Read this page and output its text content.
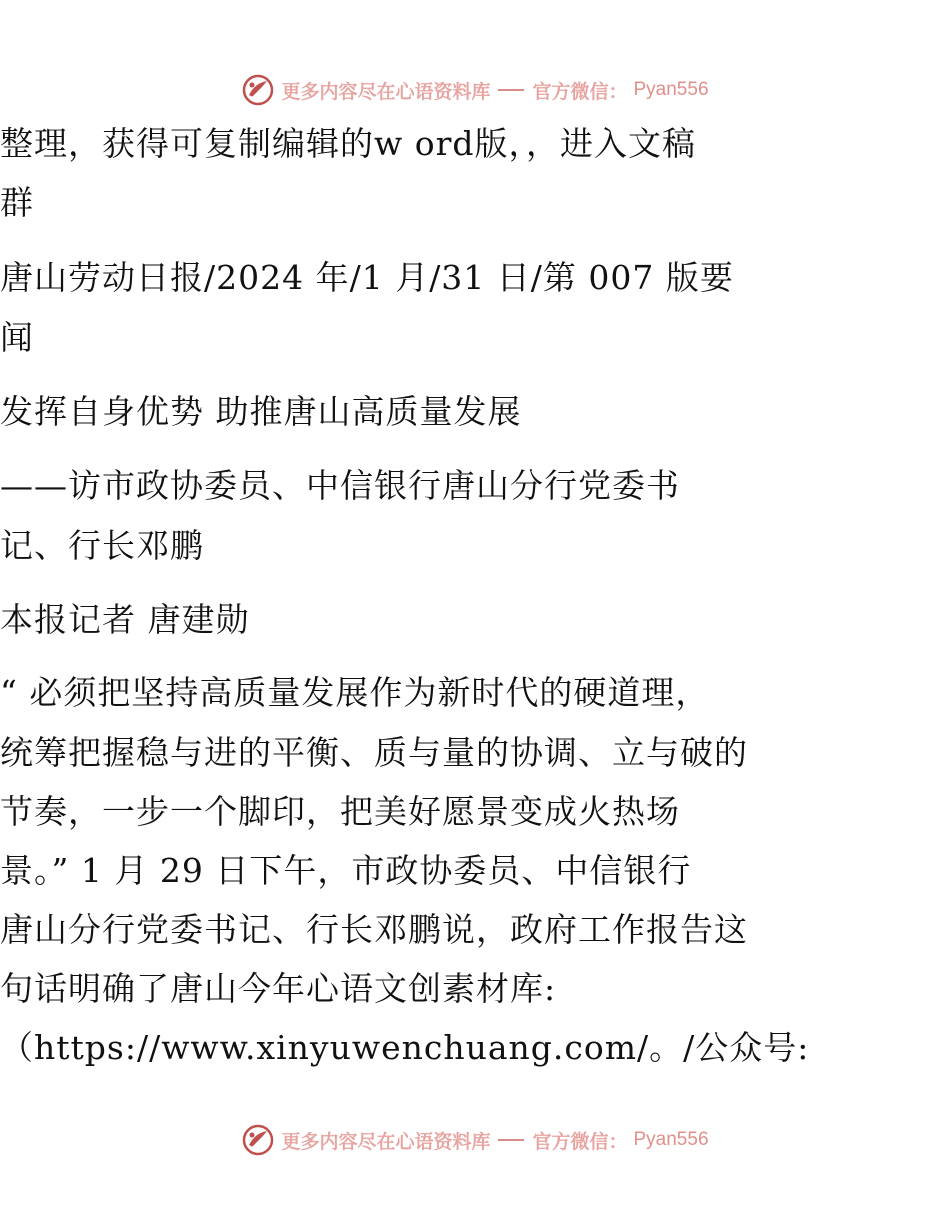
更多内容尽在心语资料库 官方微信： Pyan556
整理，获得可复制编辑的w ord版，，进入文稿
群
唐山劳动日报/2024 年/1 月/31 日/第 007 版要
闻
发挥自身优势 助推唐山高质量发展
——访市政协委员、中信银行唐山分行党委书
记、行长邓鹏
本报记者 唐建勋
“ 必须把坚持高质量发展作为新时代的硬道理，
统筹把握稳与进的平衡、质与量的协调、立与破的
节奏，一步一个脚印，把美好愿景变成火热场
景。” 1 月 29 日下午，市政协委员、中信银行
唐山分行党委书记、行长邓鹏说，政府工作报告这
句话明确了唐山今年心语文创素材库:
（https://www.xinyuwenchuang.com/。/公众号:
更多内容尽在心语资料库 官方微信： Pyan556
